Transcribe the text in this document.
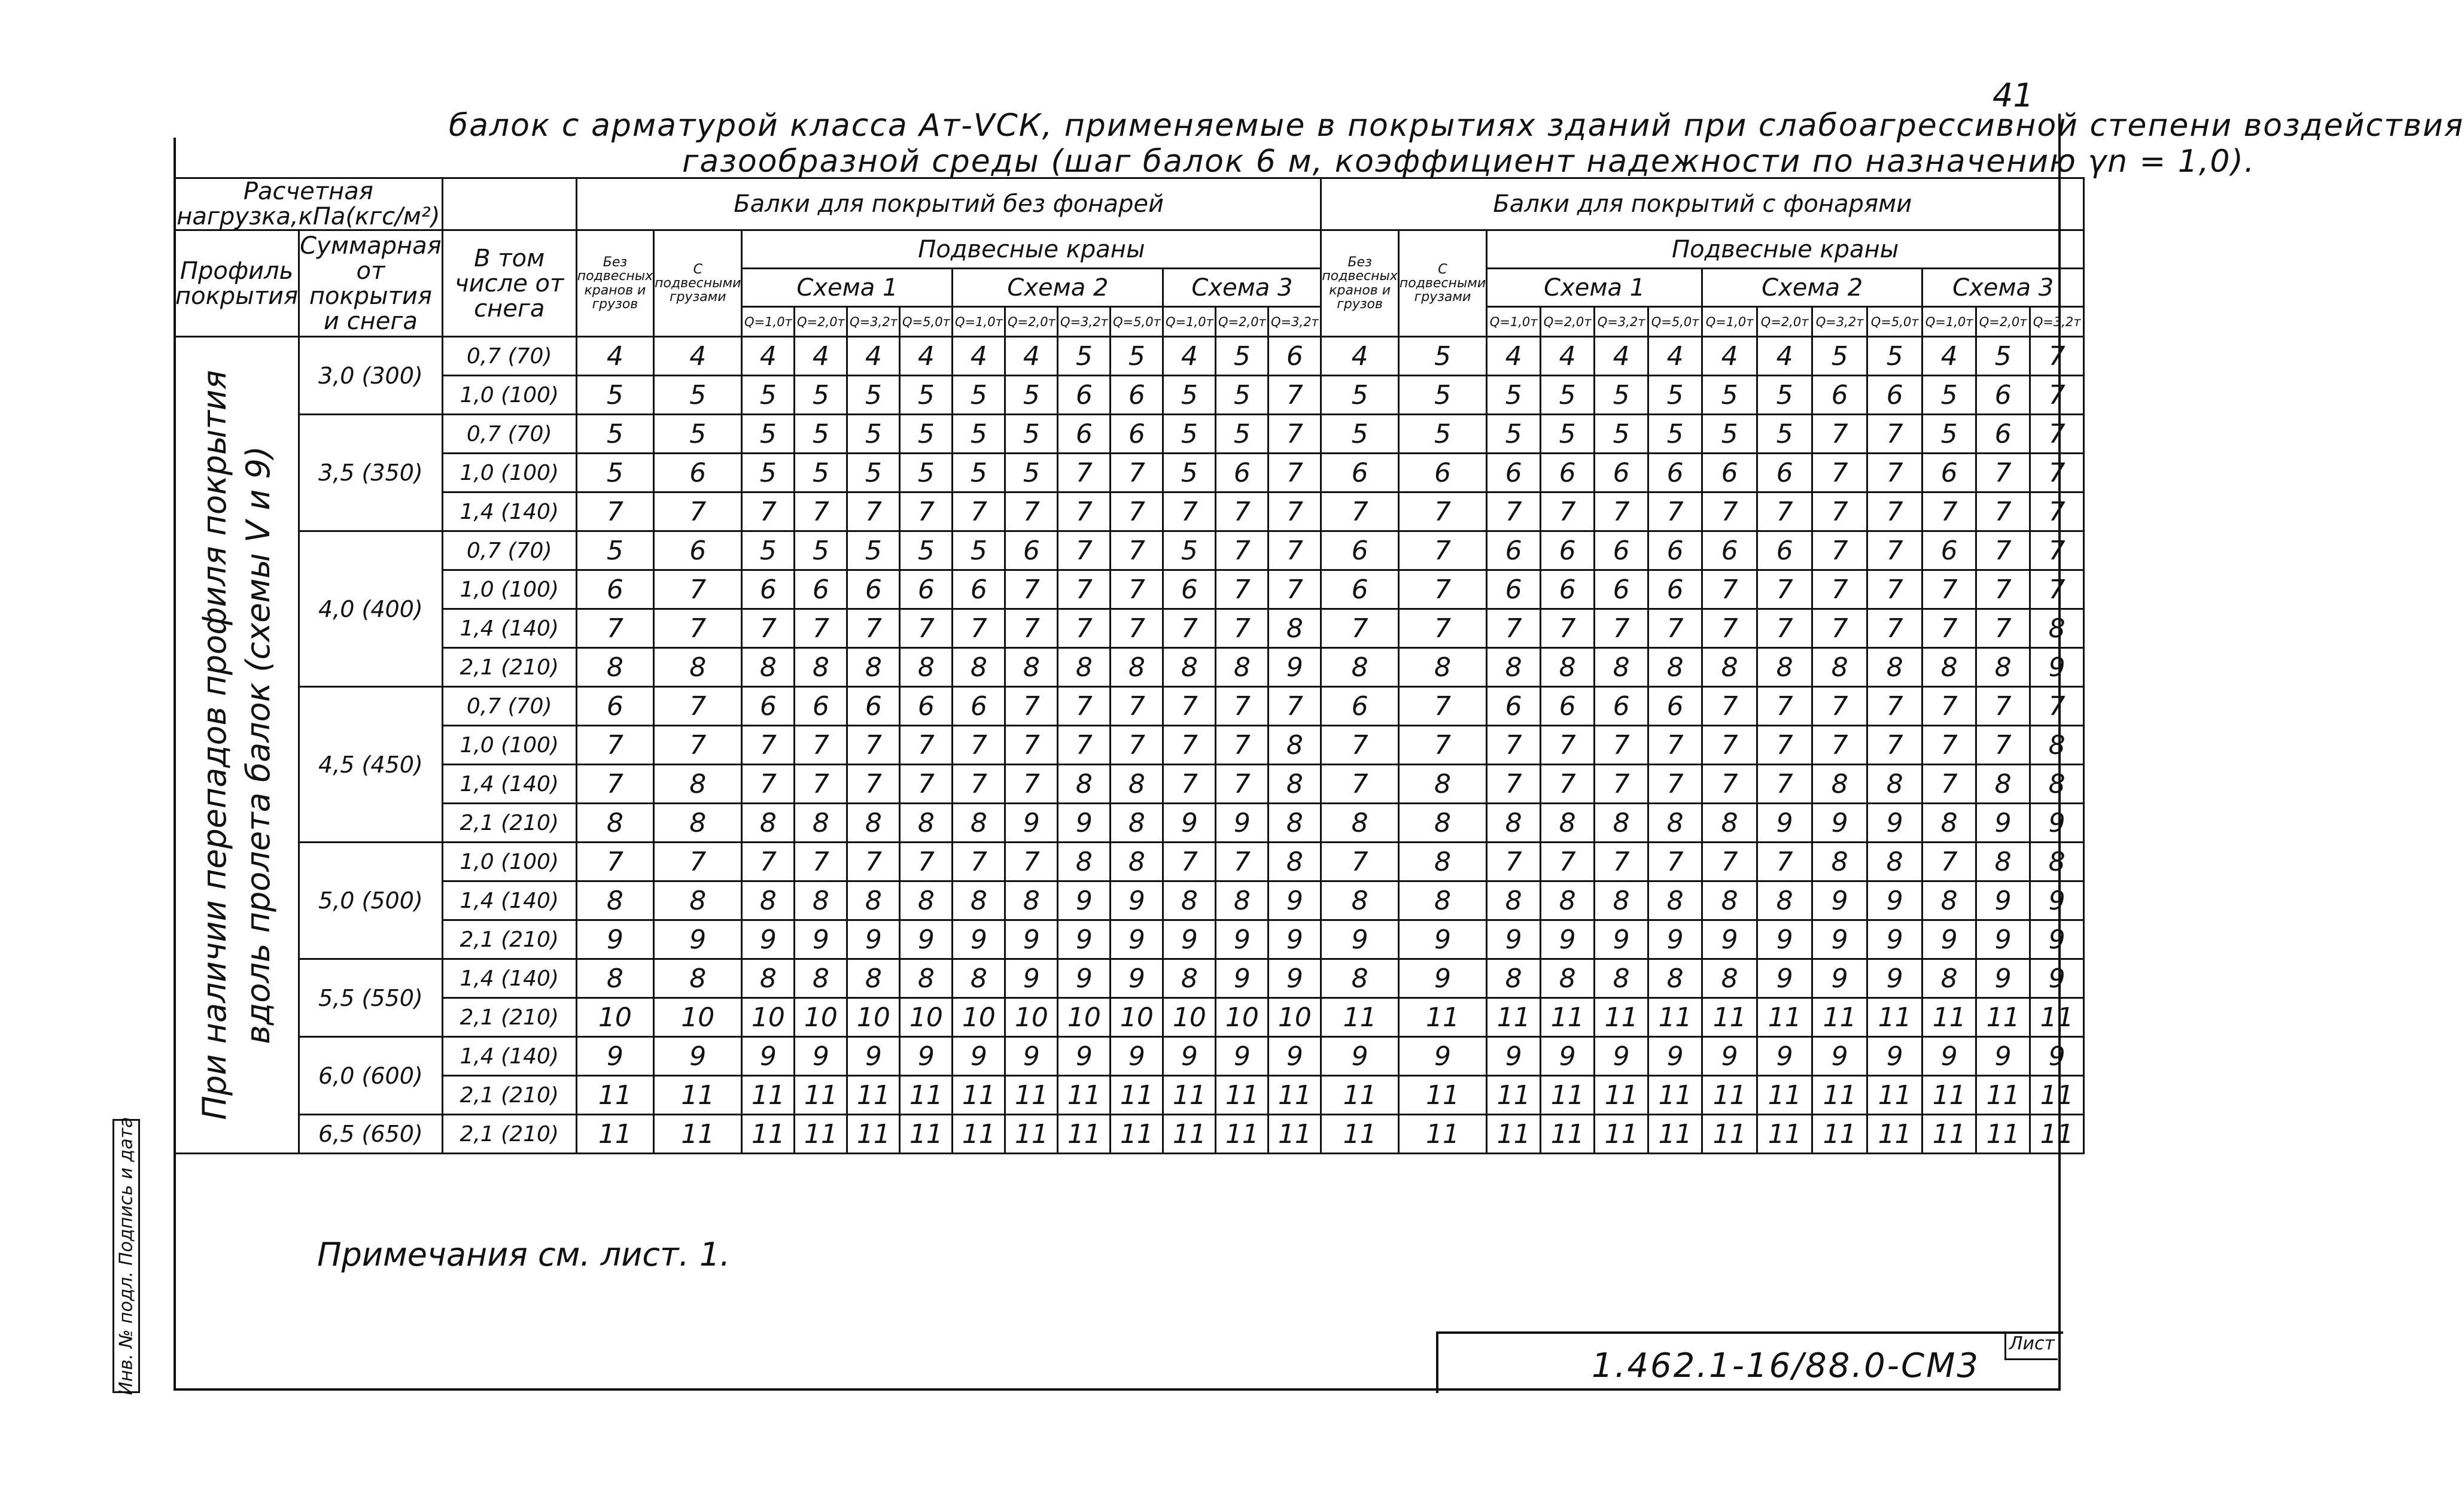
41
балок с арматурой класса Ат-VСК, применяемые в покрытиях зданий при слабоагрессивной степени воздействия
газообразной среды (шаг балок 6 м, коэффициент надежности по назначению γn = 1,0).
Расчетная нагрузка,кПа(кгс/м²)			Балки для покрытий без фонарей													Балки для покрытий с фонарями												
Профиль покрытия	Суммарная от покрытия и снега	В том числе от снега	Без подвесных кранов и грузов	С подвесными грузами	Подвесные краны											Без подвесных кранов и грузов	С подвесными грузами	Подвесные краны										
					Схема 1				Схема 2				Схема 3					Схема 1				Схема 2				Схема 3		
					Q=1,0т	Q=2,0т	Q=3,2т	Q=5,0т	Q=1,0т	Q=2,0т	Q=3,2т	Q=5,0т	Q=1,0т	Q=2,0т	Q=3,2т			Q=1,0т	Q=2,0т	Q=3,2т	Q=5,0т	Q=1,0т	Q=2,0т	Q=3,2т	Q=5,0т	Q=1,0т	Q=2,0т	Q=3,2т

При наличии перепадов профиля покрытия вдоль пролета балок (схемы V и 9)	3,0 (300)	0,7 (70)	4	4	4	4	4	4	4	4	5	5	4	5	6	4	5	4	4	4	4	4	4	5	5	4	5	7
		1,0 (100)	5	5	5	5	5	5	5	5	6	6	5	5	7	5	5	5	5	5	5	5	5	6	6	5	6	7
	3,5 (350)	0,7 (70)	5	5	5	5	5	5	5	5	6	6	5	5	7	5	5	5	5	5	5	5	5	7	7	5	6	7
		1,0 (100)	5	6	5	5	5	5	5	5	7	7	5	6	7	6	6	6	6	6	6	6	6	7	7	6	7	7
		1,4 (140)	7	7	7	7	7	7	7	7	7	7	7	7	7	7	7	7	7	7	7	7	7	7	7	7	7	7
	4,0 (400)	0,7 (70)	5	6	5	5	5	5	5	6	7	7	5	7	7	6	7	6	6	6	6	6	6	7	7	6	7	7
		1,0 (100)	6	7	6	6	6	6	6	7	7	7	6	7	7	6	7	6	6	6	6	7	7	7	7	7	7	7
		1,4 (140)	7	7	7	7	7	7	7	7	7	7	7	7	8	7	7	7	7	7	7	7	7	7	7	7	7	8
		2,1 (210)	8	8	8	8	8	8	8	8	8	8	8	8	9	8	8	8	8	8	8	8	8	8	8	8	8	9
	4,5 (450)	0,7 (70)	6	7	6	6	6	6	6	7	7	7	7	7	7	6	7	6	6	6	6	7	7	7	7	7	7	7
		1,0 (100)	7	7	7	7	7	7	7	7	7	7	7	7	8	7	7	7	7	7	7	7	7	7	7	7	7	8
		1,4 (140)	7	8	7	7	7	7	7	7	8	8	7	7	8	7	8	7	7	7	7	7	7	8	8	7	8	8
		2,1 (210)	8	8	8	8	8	8	8	9	9	8	9	9	8	8	8	8	8	8	8	8	9	9	9	8	9	9
	5,0 (500)	1,0 (100)	7	7	7	7	7	7	7	7	8	8	7	7	8	7	8	7	7	7	7	7	7	8	8	7	8	8
		1,4 (140)	8	8	8	8	8	8	8	8	9	9	8	8	9	8	8	8	8	8	8	8	8	9	9	8	9	9
		2,1 (210)	9	9	9	9	9	9	9	9	9	9	9	9	9	9	9	9	9	9	9	9	9	9	9	9	9	9
	5,5 (550)	1,4 (140)	8	8	8	8	8	8	8	9	9	9	8	9	9	8	9	8	8	8	8	8	9	9	9	8	9	9
		2,1 (210)	10	10	10	10	10	10	10	10	10	10	10	10	10	11	11	11	11	11	11	11	11	11	11	11	11	11
	6,0 (600)	1,4 (140)	9	9	9	9	9	9	9	9	9	9	9	9	9	9	9	9	9	9	9	9	9	9	9	9	9	9
		2,1 (210)	11	11	11	11	11	11	11	11	11	11	11	11	11	11	11	11	11	11	11	11	11	11	11	11	11	11
	6,5 (650)	2,1 (210)	11	11	11	11	11	11	11	11	11	11	11	11	11	11	11	11	11	11	11	11	11	11	11	11	11	11
Примечания см. лист. 1.
1.462.1-16/88.0-СМ3
Лист
Инв. № подл. Подпись и дата
